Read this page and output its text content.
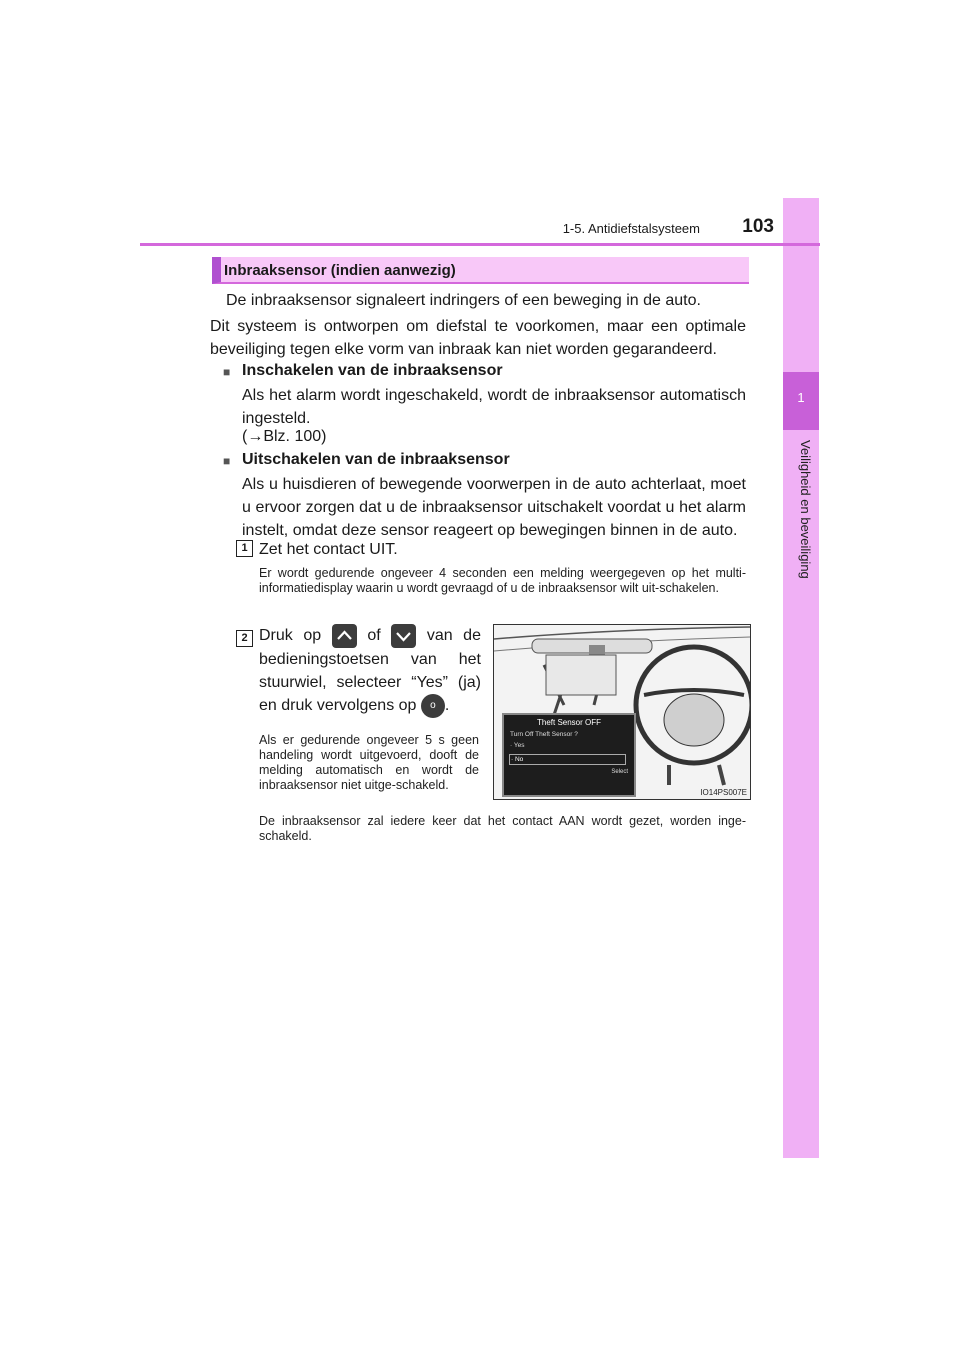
1
Veiligheid en beveiliging
1-5. Antidiefstalsysteem	103
Inbraaksensor (indien aanwezig)
De inbraaksensor signaleert indringers of een beweging in de auto.
Dit systeem is ontworpen om diefstal te voorkomen, maar een optimale beveiliging tegen elke vorm van inbraak kan niet worden gegarandeerd.
■ Inschakelen van de inbraaksensor
Als het alarm wordt ingeschakeld, wordt de inbraaksensor automatisch ingesteld.
(→Blz. 100)
■ Uitschakelen van de inbraaksensor
Als u huisdieren of bewegende voorwerpen in de auto achterlaat, moet u ervoor zorgen dat u de inbraaksensor uitschakelt voordat u het alarm instelt, omdat deze sensor reageert op bewegingen binnen in de auto.
1 Zet het contact UIT.
Er wordt gedurende ongeveer 4 seconden een melding weergegeven op het multi-informatiedisplay waarin u wordt gevraagd of u de inbraaksensor wilt uit-schakelen.
2 Druk op	of	van de bedieningstoetsen van het stuurwiel, selecteer “Yes” (ja) en druk vervolgens op o .
Als er gedurende ongeveer 5 s geen handeling wordt uitgevoerd, dooft de melding automatisch en wordt de inbraaksensor niet uitge-schakeld.
De inbraaksensor zal iedere keer dat het contact AAN wordt gezet, worden inge-schakeld.
Theft Sensor OFF
Turn Off Theft Sensor ?
· Yes
· No
Select
IO14PS007E
